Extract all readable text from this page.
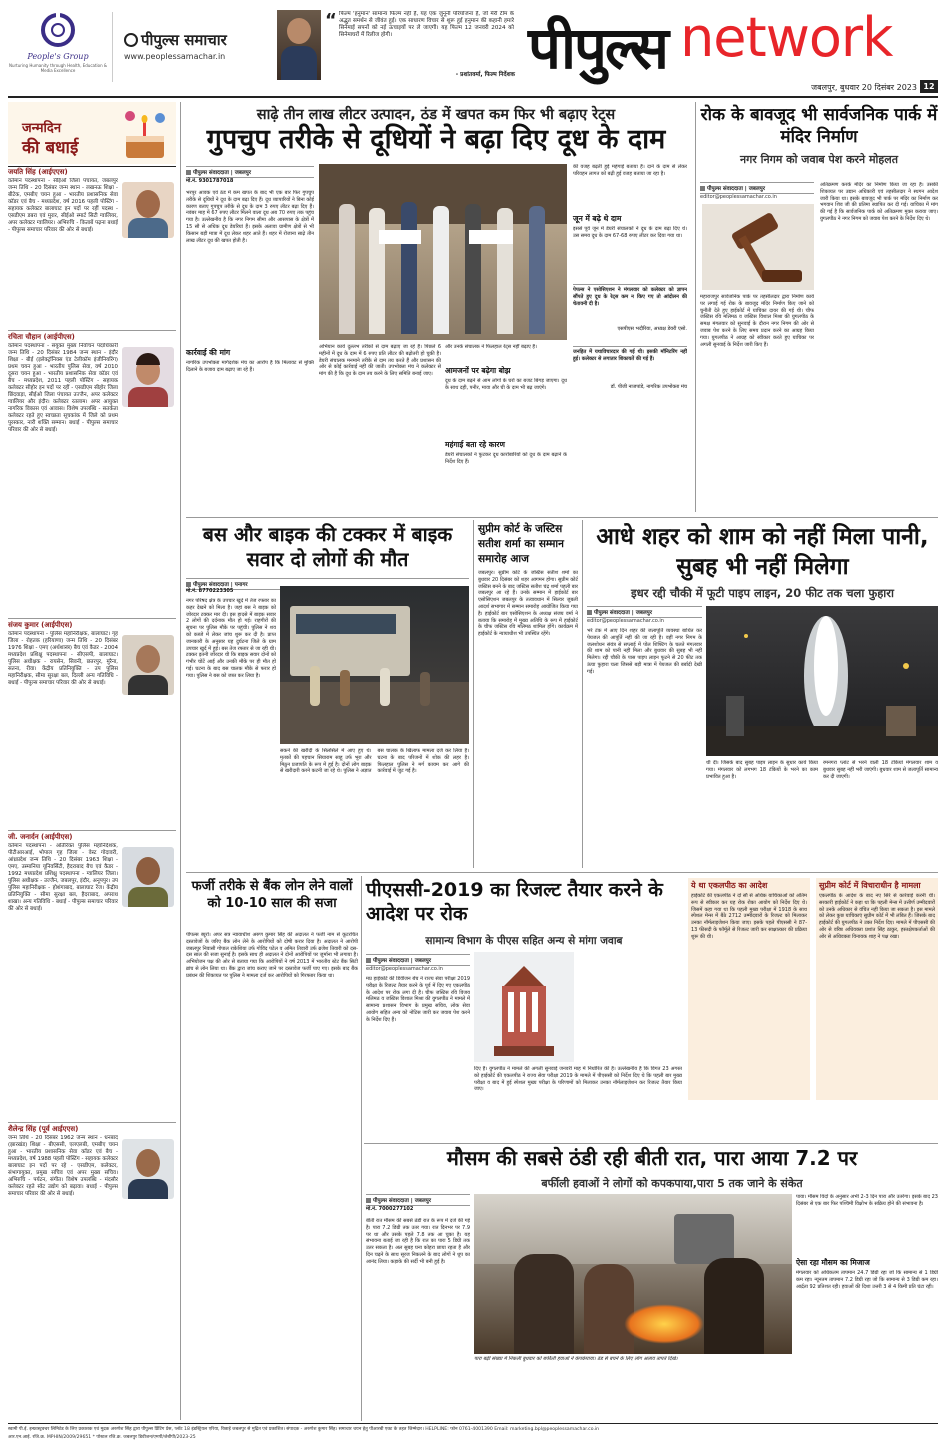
People's Group
Nurturing Humanity through Health, Education & Media Excellence
पीपुल्स समाचार
www.peoplessamachar.in
“ फिल्म 'हनुमान' सामान्य फिल्म नहीं है, यह एक जुनूनी परियोजना है, जो मेरी टीम के अद्भुत समर्थन से जीवंत हुई। एक साधारण विचार से शुरू हुई हनुमान की कहानी हमारे सिनेमाई सपनों को नई ऊंचाइयों पर ले जाएगी। यह फिल्म 12 जनवरी 2024 को सिनेमाघरों में रिलीज होगी।
- प्रशांतवर्मा, फिल्म निर्देशक पीपुल्स network
जबलपुर, बुधवार 20 दिसंबर 2023 12
जन्मदिन
की बधाई
जयति सिंह (आईएएस)
वर्तमान पदस्थापना - सीईओ जिला पंचायत, जबलपुर जन्म तिथि - 20 दिसंबर जन्म स्थान - लखनऊ शिक्षा - बीटेक, एमबीए चयन हुआ - भारतीय प्रशासनिक सेवा कॉडर एवं बैच - मध्यप्रदेश, वर्ष 2016 पहली पोस्टिंग - सहायक कलेक्टर बालाघाट इन पदों पर रहीं पदस्थ - एसडीएम डबरा एवं मुरार, सीईओ स्मार्ट सिटी ग्वालियर, अपर कलेक्टर ग्वालियर। अभिरुचि - किताबें पढ़ना बधाई - पीपुल्स समाचार परिवार की ओर से बधाई।
रचिता चौहान (आईपीएस)
वर्तमान पदस्थापना - संयुक्त मुख्य निर्वाचन पदाधिकारी जन्म तिथि - 20 दिसंबर 1984 जन्म स्थान - इंदौर शिक्षा - बीई (इलेक्ट्रॉनिक्स एंड टेलीकॉम इंजीनियरिंग) प्रथम चयन हुआ - भारतीय पुलिस सेवा, वर्ष 2010 दूसरा चयन हुआ - भारतीय प्रशासनिक सेवा कॉडर एवं बैच - मध्यप्रदेश, 2011 पहली पोस्टिंग - सहायक कलेक्टर सीहोर इन पदों पर रहीं - एसडीएम सीहोर जिला छिंदवाड़ा, सीईओ जिला पंचायत उज्जैन, अपर कलेक्टर ग्वालियर और इंदौर। कलेक्टर रतलाम। अपर आयुक्त नागरिक विकास एवं आवास। विशेष उपलब्धि - सतर्कता कलेक्टर रहते हुए स्वच्छता सूचकांक में जिले को प्रथम पुरस्कार, नारी शक्ति सम्मान। बधाई - पीपुल्स समाचार परिवार की ओर से बधाई।
संजय कुमार (आईपीएस)
वर्तमान पदस्थापना - पुलिस महानिरीक्षक, बालाघाट। गृह जिला - रोहतक (हरियाणा) जन्म तिथि - 20 दिसंबर 1976 शिक्षा - एमए (अर्थशास्त्र) बैच एवं कैडर - 2004 मध्यप्रदेश प्रशिक्षु पदस्थापना - सीएसपी, बालाघाट। पुलिस अधीक्षक - रायसेन, सिवनी, छतरपुर, मुरैना, सतना, रीवा। केंद्रीय प्रतिनियुक्ति - उप पुलिस महानिरीक्षक, सीमा सुरक्षा बल, दिल्ली अन्य गतिविधि - बधाई - पीपुल्स समाचार परिवार की ओर से बधाई।
जी. जनार्दन (आईपीएस)
वर्तमान पदस्थापना - अतिरिक्त पुलिस महानिदेशक, पीटीआरआई, भोपाल गृह जिला - वेस्ट गोदावरी, आंध्रप्रदेश जन्म तिथि - 20 दिसंबर 1963 शिक्षा - एमए, उस्मानिया यूनिवर्सिटी, हैदराबाद बैच एवं कैडर - 1992 मध्यप्रदेश प्रशिक्षु पदस्थापना - ग्वालियर जिला। पुलिस अधीक्षक - उज्जैन, जबलपुर, इंदौर, अनूपपुर। उप पुलिस महानिरीक्षक - होशंगाबाद, बालाघाट रेंज। केंद्रीय प्रतिनियुक्ति - सीमा सुरक्षा बल, हैदराबाद, अपराध शाखा। अन्य गतिविधि - बधाई - पीपुल्स समाचार परिवार की ओर से बधाई।
शैलेन्द्र सिंह (पूर्व आईएएस)
जन्म तिथि - 20 दिसंबर 1962 जन्म स्थान - धनबाद (झारखंड) शिक्षा - बीएससी, एलएलबी, एमबीए चयन हुआ - भारतीय प्रशासनिक सेवा कॉडर एवं बैच - मध्यप्रदेश, वर्ष 1988 पहली पोस्टिंग - सहायक कलेक्टर बालाघाट इन पदों पर रहे - एसडीएम, कलेक्टर, संभागायुक्त, प्रमुख सचिव एवं अपर मुख्य सचिव। अभिरुचि - पर्यटन, संगीत। विशेष उपलब्धि - मंदसौर कलेक्टर रहते स्वेट उद्योग को बढ़ावा। बधाई - पीपुल्स समाचार परिवार की ओर से बधाई।
साढ़े तीन लाख लीटर उत्पादन, ठंड में खपत कम फिर भी बढ़ाए रेट्स
गुपचुप तरीके से दूधियों ने बढ़ा दिए दूध के दाम
पीपुल्स संवाददाता | जबलपुर
मो.नं. 9301787018
भरपूर आवक एवं ठंड में कम खपत के बाद भी एक बार फिर गुपचुप तरीके से दूधियों ने दूध के दाम बढ़ा दिए हैं। दूध व्यापारियों ने बिना कोई कारण बताए गुपचुप तरीके से दूध के दाम 3 रुपए लीटर बढ़ा दिए हैं। नवंबर माह में 67 रुपए लीटर मिलने वाला दूध अब 70 रुपए तक पहुंच गया है। उल्लेखनीय है कि नगर निगम सीमा और आसपास के क्षेत्रों में 15 सौ से अधिक दूध डेयरियां हैं। इसके अलावा ग्रामीण क्षेत्रों से भी किसान बड़ी मात्रा में दूध लेकर शहर आते हैं। शहर में रोजाना साढ़े तीन लाख लीटर दूध की खपत होती है।
कार्रवाई की मांग
नागरिक उपभोक्ता मार्गदर्शक मंच का आरोप है कि मिलावट से मुक्ति दिलाने के बजाय दाम बढ़ाए जा रहे हैं।
अभियान कार्य दुल्लभ तरीकों से दाम बढ़ाए जा रहे हैं। पिछले 6 महीनों में दूध के दाम में 6 रुपए प्रति लीटर की बढ़ोतरी हो चुकी है। डेयरी संचालक मनमाने तरीके से दाम तय करते हैं और प्रशासन की ओर से कोई कार्रवाई नहीं की जाती। उपभोक्ता मंच ने कलेक्टर से मांग की है कि दूध के दाम तय करने के लिए समिति बनाई जाए।
और उनके संचालक ने फिलहाल रेट्स नहीं बढ़ाए हैं।
आमजनों पर बढ़ेगा बोझ
दूध के दाम बढ़ने से आम लोगों के घरों का बजट बिगड़ जाएगा। दूध के साथ दही, पनीर, मावा और घी के दाम भी बढ़ जाएंगे।
महंगाई बता रहे कारण
डेयरी संचालकों ने फुटकर दूध कारोबारियों को दूध के दाम बढ़ाने के निर्देश दिए हैं।
की वजह बढ़ती हुई महंगाई बताया है। दाने के दाम से लेकर परिवहन लागत को बढ़ी हुई वजह बताया जा रहा है।
जून में बढ़े थे दाम
इससे पूर्व जून में डेयरी संचालकों ने दूध के दाम बढ़ा दिए थे। उस समय दूध के दाम 67-68 रुपए लीटर कर दिया गया था।
पेपल्स ने एसोसिएशन ने मंगलवार को कलेक्टर को ज्ञापन सौंपते हुए दूध के रेट्स कम न किए गए तो आंदोलन की चेतावनी दी है।
एसपीएस भदौरिया, अध्यक्ष डेयरी एसो.
जनहित में यथाविचारदार की गई थी। इसकी मॉनिटरिंग नहीं हुई। कलेक्टर से लगातार शिकायतें की गई हैं।
डॉ. पीजी नाजपांडे, नागरिक उपभोक्ता मंच
रोक के बावजूद भी सार्वजनिक पार्क में मंदिर निर्माण
नगर निगम को जवाब पेश करने मोहलत
पीपुल्स संवाददाता | जबलपुर
editor@peoplessamachar.co.in
महाराजपुर सार्वजनिक पार्क पर तहसीलदार द्वारा निर्माण कार्य पर लगाई गई रोक के बावजूद मंदिर निर्माण किए जाने को चुनौती देते हुए हाईकोर्ट में याचिका दायर की गई थी। चीफ जस्टिस रवि मलिमठ व जस्टिस विशाल मिश्रा की युगलपीठ के समक्ष मंगलवार को सुनवाई के दौरान नगर निगम की ओर से जवाब पेश करने के लिए समय प्रदान करने का आग्रह किया गया। युगलपीठ ने आग्रह को स्वीकार करते हुए याचिका पर अगली सुनवाई के निर्देश जारी किए हैं।
अतिक्रमण करके मंदिर का निर्माण किया जा रहा है। उसकी शिकायत पर उद्यान अधिकारी एवं तहसीलदार ने स्थगन आदेश जारी किया था। इसके बावजूद भी पार्क पर मंदिर का निर्माण कर भगवान शिव जी की प्रतिमा स्थापित कर दी गई। याचिका में मांग की गई है कि सार्वजनिक पार्क को अतिक्रमण मुक्त कराया जाए। युगलपीठ ने नगर निगम को जवाब पेश करने के निर्देश दिए थे।
बस और बाइक की टक्कर में बाइक सवार दो लोगों की मौत
पीपुल्स संवाददाता | पनागर
मो.नं. 8770223305
नगर परिषद क्षेत्र के उपचार खुर्द में तेज रफ्तार का कहर देखने को मिला है। जहां बस ने बाइक को जोरदार टक्कर मार दी। इस हादसे में बाइक सवार 2 लोगों की दर्दनाक मौत हो गई। राहगीरों की सूचना पर पुलिस मौके पर पहुंची। पुलिस ने शव को कब्जे में लेकर जांच शुरू कर दी है। प्राप्त जानकारी के अनुसार यह दुर्घटना जिले के ग्राम उपचार खुर्द में हुई। बस तेज रफ्तार से जा रही थी। टक्कर इतनी जोरदार थी कि बाइक सवार दोनों को गंभीर चोटें आईं और उनकी मौके पर ही मौत हो गई। घटना के बाद बस चालक मौके से फरार हो गया। पुलिस ने बस को जब्त कर लिया है।
सकने की खरीदी के सिलसिले में आए हुए थे। मृतकों की पहचान सियाराम साहू उर्फ भूरा और मिठुन प्रजापति के रूप में हुई है। दोनों लोग बाइक से खरीदारी करने कटनी जा रहे थे। पुलिस ने अज्ञात बस चालक के खिलाफ मामला दर्ज कर लिया है। घटना के बाद परिजनों में शोक की लहर है। फिलहाल पुलिस ने मर्ग कायम कर आगे की कार्रवाई में जुट गई है।
सुप्रीम कोर्ट के जस्टिस सतीश शर्मा का सम्मान समारोह आज
जबलपुर। सुप्रीम कोर्ट के जस्टिस सतीश शर्मा का बुधवार 20 दिसंबर को शहर आगमन होगा। सुप्रीम कोर्ट जस्टिस बनने के बाद जस्टिस सतीश चंद्र शर्मा पहली बार जबलपुर आ रहे हैं। उनके सम्मान में हाईकोर्ट बार एसोसिएशन जबलपुर के तत्वावधान में सिल्वर जुबली आदर्श सभागार में सम्मान समारोह आयोजित किया गया है। हाईकोर्ट बार एसोसिएशन के अध्यक्ष संजय वर्मा ने बताया कि समारोह में मुख्य अतिथि के रूप में हाईकोर्ट के चीफ जस्टिस रवि मलिमठ शामिल होंगे। कार्यक्रम में हाईकोर्ट के न्यायाधीश भी उपस्थित रहेंगे।
आधे शहर को शाम को नहीं मिला पानी, सुबह भी नहीं मिलेगा
इधर रद्दी चौकी में फूटी पाइप लाइन, 20 फीट तक चला फुहारा
पीपुल्स संवाददाता | जबलपुर
editor@peoplessamachar.co.in
भरे टंक में आए दिन शहर की जलापूर्ति व्यवस्था बाधित कर पेयजल की आपूर्ति नहीं की जा रही है। वहीं नगर निगम के जलशोधन संयंत्र से सप्लाई में पोल शिफ्टिंग के चलते मंगलवार की शाम को पानी नहीं मिला और बुधवार की सुबह भी नहीं मिलेगा। रद्दी चौकी के पास पाइप लाइन फूटने से 20 फीट तक ऊंचा फुहारा चला जिससे बड़ी मात्रा में पेयजल की बर्बादी देखी गई।
थी दी। जिसके बाद सुबह पाइप लाइन के सुधार कार्य किया गया। मंगलवार को लगभग 18 टंकियों के भरने का काम प्रभावित हुआ है।
रमनगरा प्लांट से भरने वाली 18 टंकियां मंगलवार शाम व बुधवार सुबह नहीं भरी जाएंगी। बुधवार शाम से जलापूर्ति सामान्य कर दी जाएगी।
फर्जी तरीके से बैंक लोन लेने वालों को 10-10 साल की सजा
पीपल्स ब्यूरो। अपर सत्र न्यायाधीश अरुण कुमार सिंह की अदालत ने फर्जी नाम से कूटरचित दस्तावेजों के जरिए बैंक लोन लेने के आरोपियों को दोषी करार दिया है। अदालत ने आरोपी जबलपुर निवासी गोपाल राकेशिया उर्फ गोविंद पटेल व अमित तिवारी उर्फ ब्रजेश तिवारी को दस-दस साल की सजा सुनाई है। इसके साथ ही अदालत ने दोनों आरोपियों पर जुर्माना भी लगाया है। अभियोजन पक्ष की ओर से बताया गया कि आरोपियों ने वर्ष 2013 में भारतीय स्टेट बैंक सिटी ब्रांच से लोन लिया था। बैंक द्वारा जांच कराए जाने पर दस्तावेज फर्जी पाए गए। इसके बाद बैंक प्रबंधन की शिकायत पर पुलिस ने मामला दर्ज कर आरोपियों को गिरफ्तार किया था।
पीएससी-2019 का रिजल्ट तैयार करने के आदेश पर रोक
सामान्य विभाग के पीएस सहित अन्य से मांगा जवाब
पीपुल्स संवाददाता | जबलपुर
editor@peoplessamachar.co.in
मप्र हाईकोर्ट की डिवीजन बेंच ने राज्य सेवा परीक्षा 2019 परीक्षा के रिजल्ट तैयार करने के पूर्व में दिए गए एकलपीठ के आदेश पर रोक लगा दी है। चीफ जस्टिस रवि विजय मलिमठ व जस्टिस विशाल मिश्रा की युगलपीठ ने मामले में सामान्य प्रशासन विभाग के प्रमुख सचिव, लोक सेवा आयोग सहित अन्य को नोटिस जारी कर जवाब पेश करने के निर्देश दिए हैं।
दिए हैं। युगलपीठ ने मामले की अगली सुनवाई जनवरी माह में निर्धारित की है। उल्लेखनीय है कि विगत 23 अगस्त को हाईकोर्ट की एकलपीठ ने राज्य सेवा परीक्षा 2019 के मामले में पीएससी को निर्देश दिए थे कि पहली बार मुख्य परीक्षा व बाद में हुई स्पेशल मुख्य परीक्षा के परिणामों को मिलाकर उनका नॉर्मलाइजेशन कर रिजल्ट तैयार किया जाए।
ये था एकलपीठ का आदेश
हाईकोर्ट की एकलपीठ ने दो सौ से अधिक याचिकाओं को अंतिम रूप से स्वीकार कर यह रोक रोका आयोग को निर्देश दिए थे। जिसमें कहा गया था कि पहली मुख्य परीक्षा में 1918 के साथ स्पेशल मेन्स में बैठे 2712 उम्मीदवारों के रिजल्ट को मिलाकर उनका नॉर्मलाइजेशन किया जाए। इसके पहले पीएससी ने 87-13 फीसदी के फॉर्मूले से रिजल्ट जारी कर साक्षात्कार की प्रक्रिया शुरू की थी।
सुप्रीम कोर्ट में विचाराधीन है मामला
एकलपीठ के आदेश के बाद नए सिरे से कार्रवाई करनी थी। सरकारी हाईकोर्ट ने कहा था कि पहली मेन्स में उत्तीर्ण उम्मीदवारों को उनके अधिकार से वंचित नहीं किया जा सकता है। इस मामले को लेकर कुछ याचिकाएं सुप्रीम कोर्ट में भी लंबित हैं। जिसके बाद हाईकोर्ट की युगलपीठ ने उक्त निर्देश दिए। मामले में पीएससी की ओर से वरिष्ठ अधिवक्ता प्रशांत सिंह ठाकुर, हस्तक्षेपकर्ताओं की ओर से अधिवक्ता विनायक शाह ने पक्ष रखा।
मौसम की सबसे ठंडी रही बीती रात, पारा आया 7.2 पर
बर्फीली हवाओं ने लोगों को कपकपाया,पारा 5 तक जाने के संकेत
पीपुल्स संवाददाता | जबलपुर
मो.नं. 7000277102
पारा बढ़ी संख्या में निकली बुधवार को बर्फीली हवाओं ने कंपकंपाया। ठंड से बचने के लिए लोग अलाव तापते दिखे।
बीती रात मौसम की सबसे ठंडी रात के रूप में दर्ज की गई है। पारा 7.2 डिग्री तक उतर गया। रात दिनभर पर 7.9 पर था और उसके पहले 7.8 तक आ चुका है। यह संभावना बताई जा रही है कि रात का पारा 5 डिग्री तक उतर सकता है। अल सुबह घना कोहरा छाया रहता है और दिन चढ़ने के साथ सूरज निकलने के बाद लोगों ने धूप का आनंद लिया। कड़ाके की सर्दी भी बनी हुई है।
पाया। मौसम विदों के अनुसार अभी 2-3 दिन पारा और उतरेगा। इसके बाद 23 दिसंबर से एक बार फिर पश्चिमी विक्षोभ के सक्रिय होने की संभावना है।
ऐसा रहा मौसम का मिजाज
मंगलवार को अधिकतम तापमान 24.7 डिग्री रहा जो कि सामान्य से 1 डिग्री कम रहा। न्यूनतम तापमान 7.2 डिग्री रहा जो कि सामान्य से 3 डिग्री कम रहा। आर्द्रता 92 प्रतिशत रही। हवाओं की दिशा उत्तरी 3 से 4 किमी प्रति घंटा रही।
स्वामी पी.ई. इन्फ्रास्ट्रक्चर लिमिटेड के लिए प्रकाशक एवं मुद्रक अरुणेश सिंह द्वारा पीपुल्स प्रिंटिंग प्रेस, प्लॉट 18 इंडस्ट्रियल एरिया, रिछाई जबलपुर से मुद्रित एवं प्रकाशित। संपादक - अरुणेश कुमार सिंह। समाचार चयन हेतु पीआरबी एक्ट के तहत जिम्मेदार। HELPLINE: फोन 0761-4001390 Email: marketing.bpl@peoplessamachar.co.in
आर.एन.आई. रजि.क्र. MPHIN/2009/29651 * पोस्टल रजि.क्र. जबलपुर डिवीजन/एमपी/जेबीपी/2023-25
